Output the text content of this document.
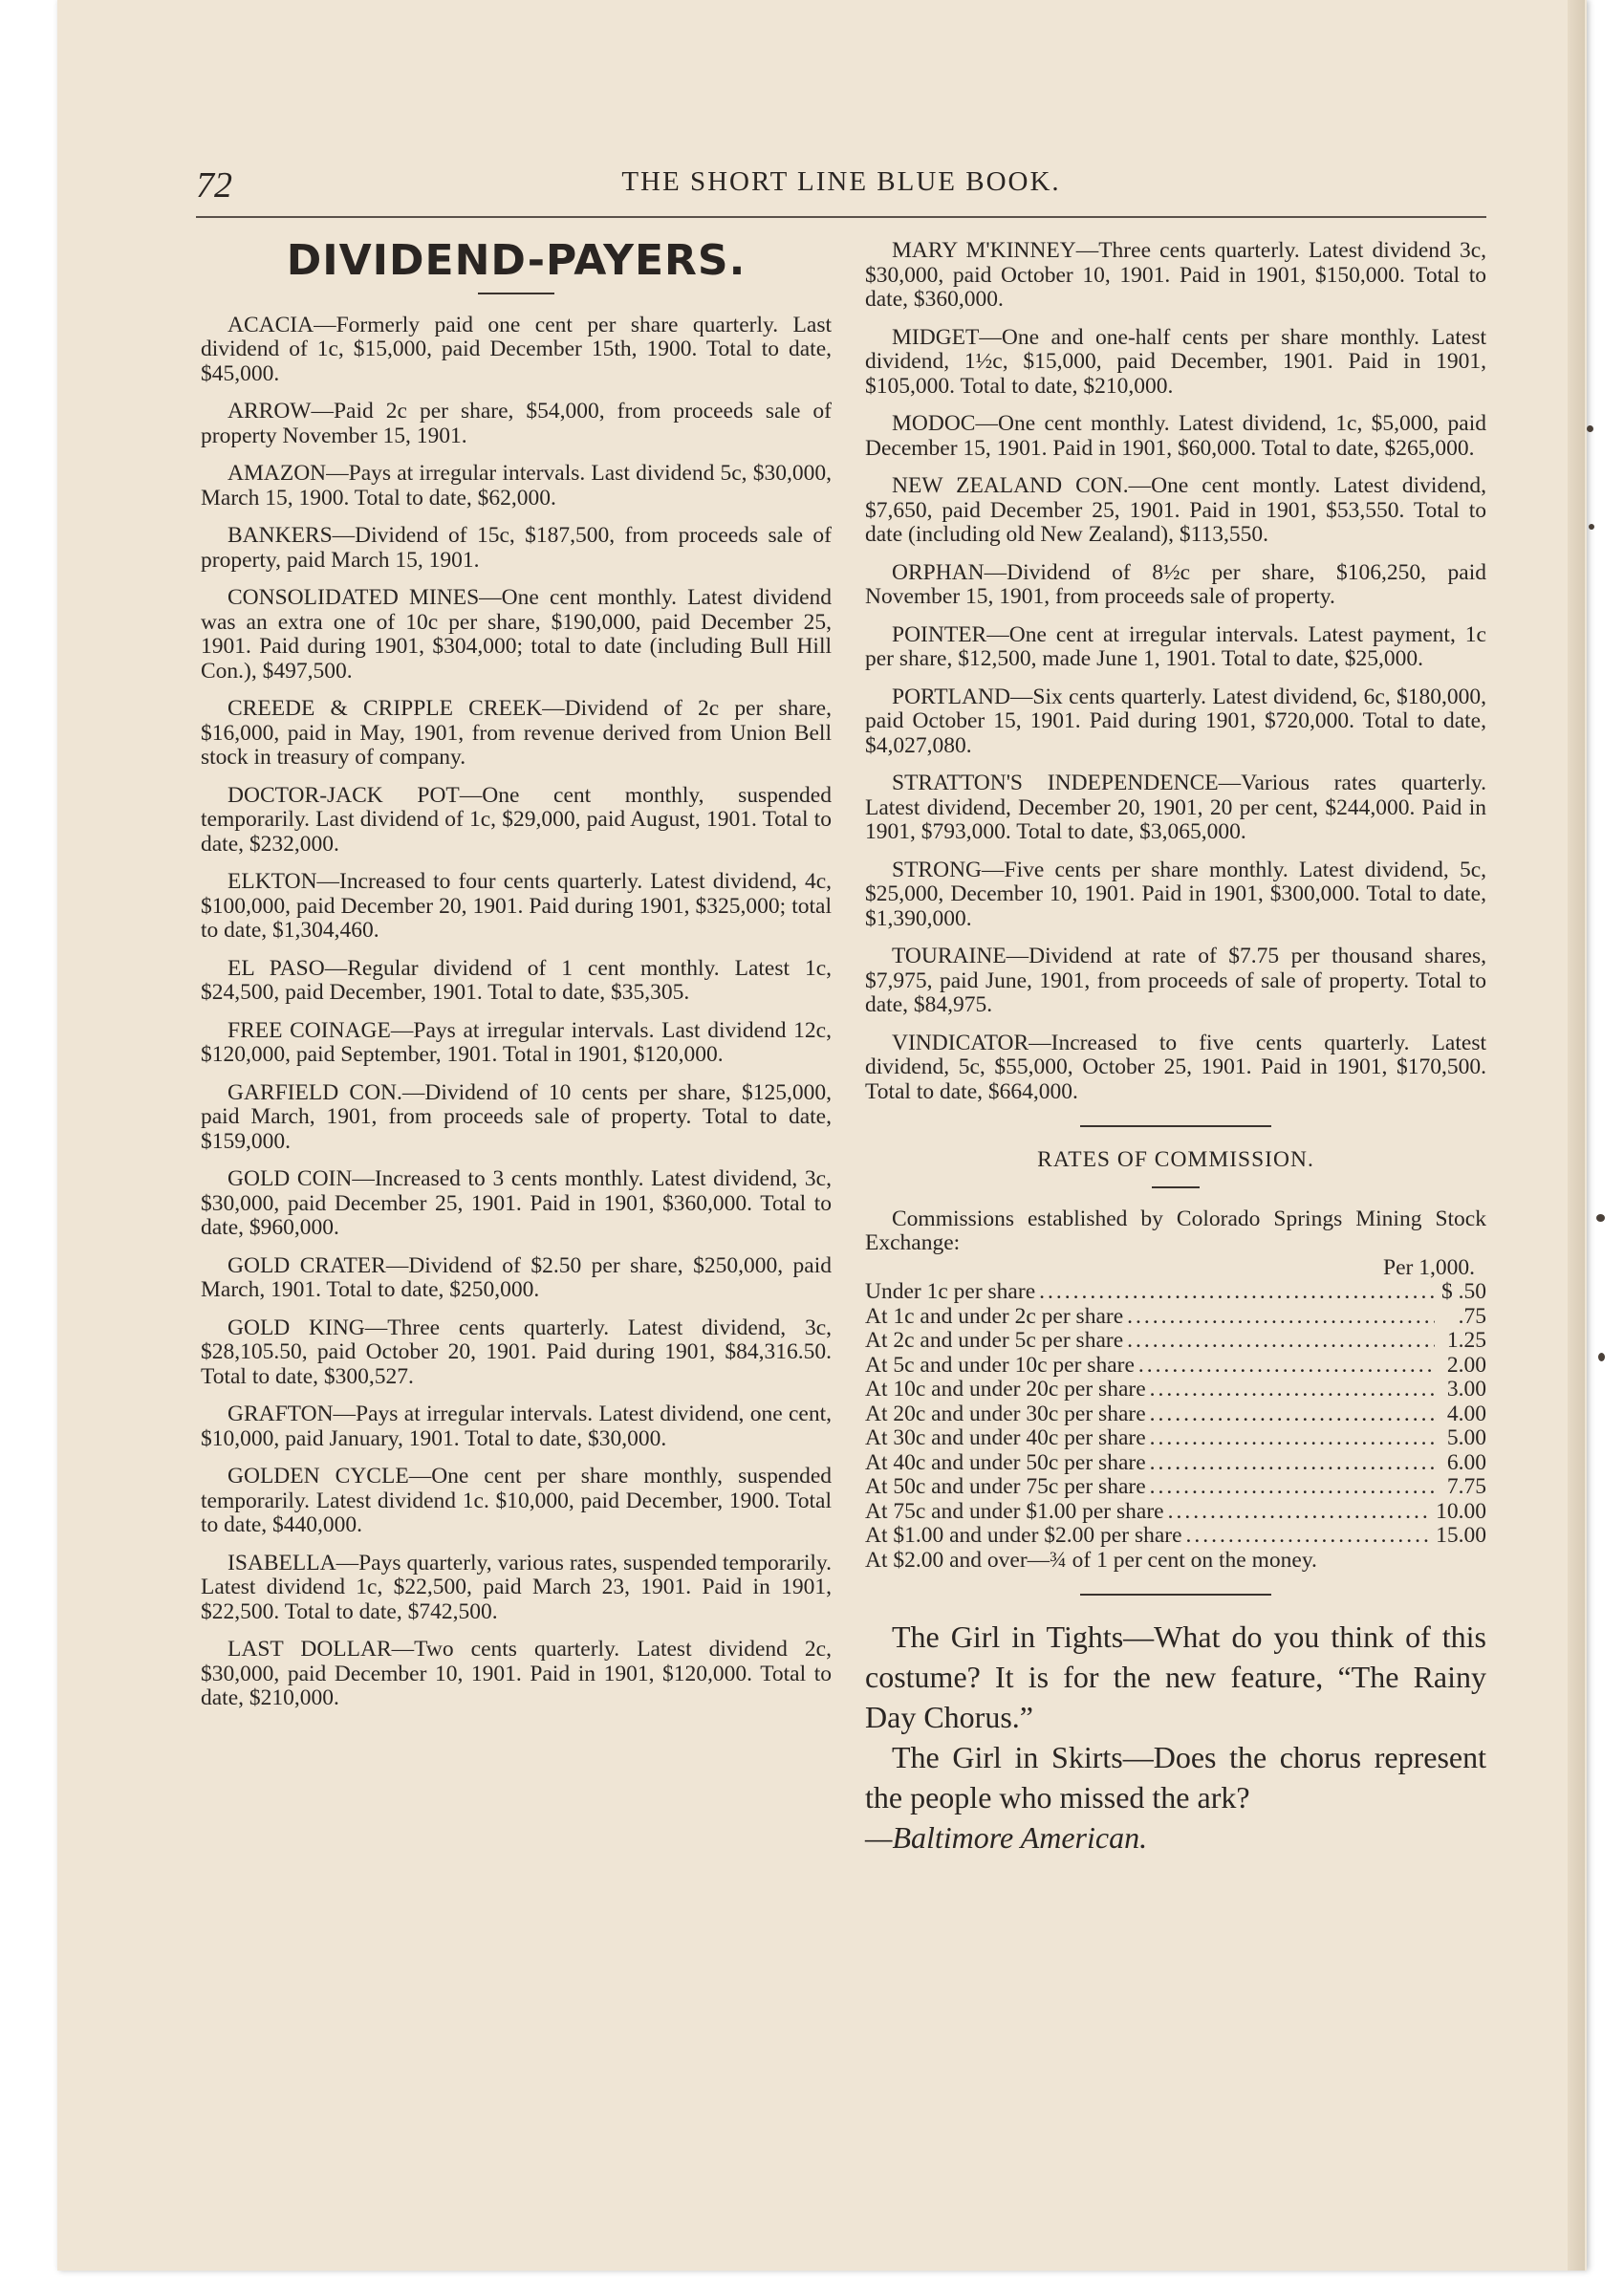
72	THE SHORT LINE BLUE BOOK.
DIVIDEND-PAYERS.

ACACIA—Formerly paid one cent per share quarterly. Last dividend of 1c, $15,000, paid December 15th, 1900. Total to date, $45,000.

ARROW—Paid 2c per share, $54,000, from proceeds sale of property November 15, 1901.

AMAZON—Pays at irregular intervals. Last dividend 5c, $30,000, March 15, 1900. Total to date, $62,000.

BANKERS—Dividend of 15c, $187,500, from proceeds sale of property, paid March 15, 1901.

CONSOLIDATED MINES—One cent monthly. Latest dividend was an extra one of 10c per share, $190,000, paid December 25, 1901. Paid during 1901, $304,000; total to date (including Bull Hill Con.), $497,500.

CREEDE & CRIPPLE CREEK—Dividend of 2c per share, $16,000, paid in May, 1901, from revenue derived from Union Bell stock in treasury of company.

DOCTOR-JACK POT—One cent monthly, suspended temporarily. Last dividend of 1c, $29,000, paid August, 1901. Total to date, $232,000.

ELKTON—Increased to four cents quarterly. Latest dividend, 4c, $100,000, paid December 20, 1901. Paid during 1901, $325,000; total to date, $1,304,460.

EL PASO—Regular dividend of 1 cent monthly. Latest 1c, $24,500, paid December, 1901. Total to date, $35,305.

FREE COINAGE—Pays at irregular intervals. Last dividend 12c, $120,000, paid September, 1901. Total in 1901, $120,000.

GARFIELD CON.—Dividend of 10 cents per share, $125,000, paid March, 1901, from proceeds sale of property. Total to date, $159,000.

GOLD COIN—Increased to 3 cents monthly. Latest dividend, 3c, $30,000, paid December 25, 1901. Paid in 1901, $360,000. Total to date, $960,000.

GOLD CRATER—Dividend of $2.50 per share, $250,000, paid March, 1901. Total to date, $250,000.

GOLD KING—Three cents quarterly. Latest dividend, 3c, $28,105.50, paid October 20, 1901. Paid during 1901, $84,316.50. Total to date, $300,527.

GRAFTON—Pays at irregular intervals. Latest dividend, one cent, $10,000, paid January, 1901. Total to date, $30,000.

GOLDEN CYCLE—One cent per share monthly, suspended temporarily. Latest dividend 1c. $10,000, paid December, 1900. Total to date, $440,000.

ISABELLA—Pays quarterly, various rates, suspended temporarily. Latest dividend 1c, $22,500, paid March 23, 1901. Paid in 1901, $22,500. Total to date, $742,500.

LAST DOLLAR—Two cents quarterly. Latest dividend 2c, $30,000, paid December 10, 1901. Paid in 1901, $120,000. Total to date, $210,000.

MARY M'KINNEY—Three cents quarterly. Latest dividend 3c, $30,000, paid October 10, 1901. Paid in 1901, $150,000. Total to date, $360,000.

MIDGET—One and one-half cents per share monthly. Latest dividend, 1½c, $15,000, paid December, 1901. Paid in 1901, $105,000. Total to date, $210,000.

MODOC—One cent monthly. Latest dividend, 1c, $5,000, paid December 15, 1901. Paid in 1901, $60,000. Total to date, $265,000.

NEW ZEALAND CON.—One cent montly. Latest dividend, $7,650, paid December 25, 1901. Paid in 1901, $53,550. Total to date (including old New Zealand), $113,550.

ORPHAN—Dividend of 8½c per share, $106,250, paid November 15, 1901, from proceeds sale of property.

POINTER—One cent at irregular intervals. Latest payment, 1c per share, $12,500, made June 1, 1901. Total to date, $25,000.

PORTLAND—Six cents quarterly. Latest dividend, 6c, $180,000, paid October 15, 1901. Paid during 1901, $720,000. Total to date, $4,027,080.

STRATTON'S INDEPENDENCE—Various rates quarterly. Latest dividend, December 20, 1901, 20 per cent, $244,000. Paid in 1901, $793,000. Total to date, $3,065,000.

STRONG—Five cents per share monthly. Latest dividend, 5c, $25,000, December 10, 1901. Paid in 1901, $300,000. Total to date, $1,390,000.

TOURAINE—Dividend at rate of $7.75 per thousand shares, $7,975, paid June, 1901, from proceeds of sale of property. Total to date, $84,975.

VINDICATOR—Increased to five cents quarterly. Latest dividend, 5c, $55,000, October 25, 1901. Paid in 1901, $170,500. Total to date, $664,000.

RATES OF COMMISSION.
Commissions established by Colorado Springs Mining Stock Exchange:
Per 1,000.
Under 1c per share .....	$ .50
At 1c and under 2c per share .....	.75
At 2c and under 5c per share .....	1.25
At 5c and under 10c per share .....	2.00
At 10c and under 20c per share .....	3.00
At 20c and under 30c per share .....	4.00
At 30c and under 40c per share .....	5.00
At 40c and under 50c per share .....	6.00
At 50c and under 75c per share .....	7.75
At 75c and under $1.00 per share .....	10.00
At $1.00 and under $2.00 per share .....	15.00
At $2.00 and over—¾ of 1 per cent on the money.

The Girl in Tights—What do you think of this costume? It is for the new feature, “The Rainy Day Chorus.”

The Girl in Skirts—Does the chorus represent the people who missed the ark?

—Baltimore American.
